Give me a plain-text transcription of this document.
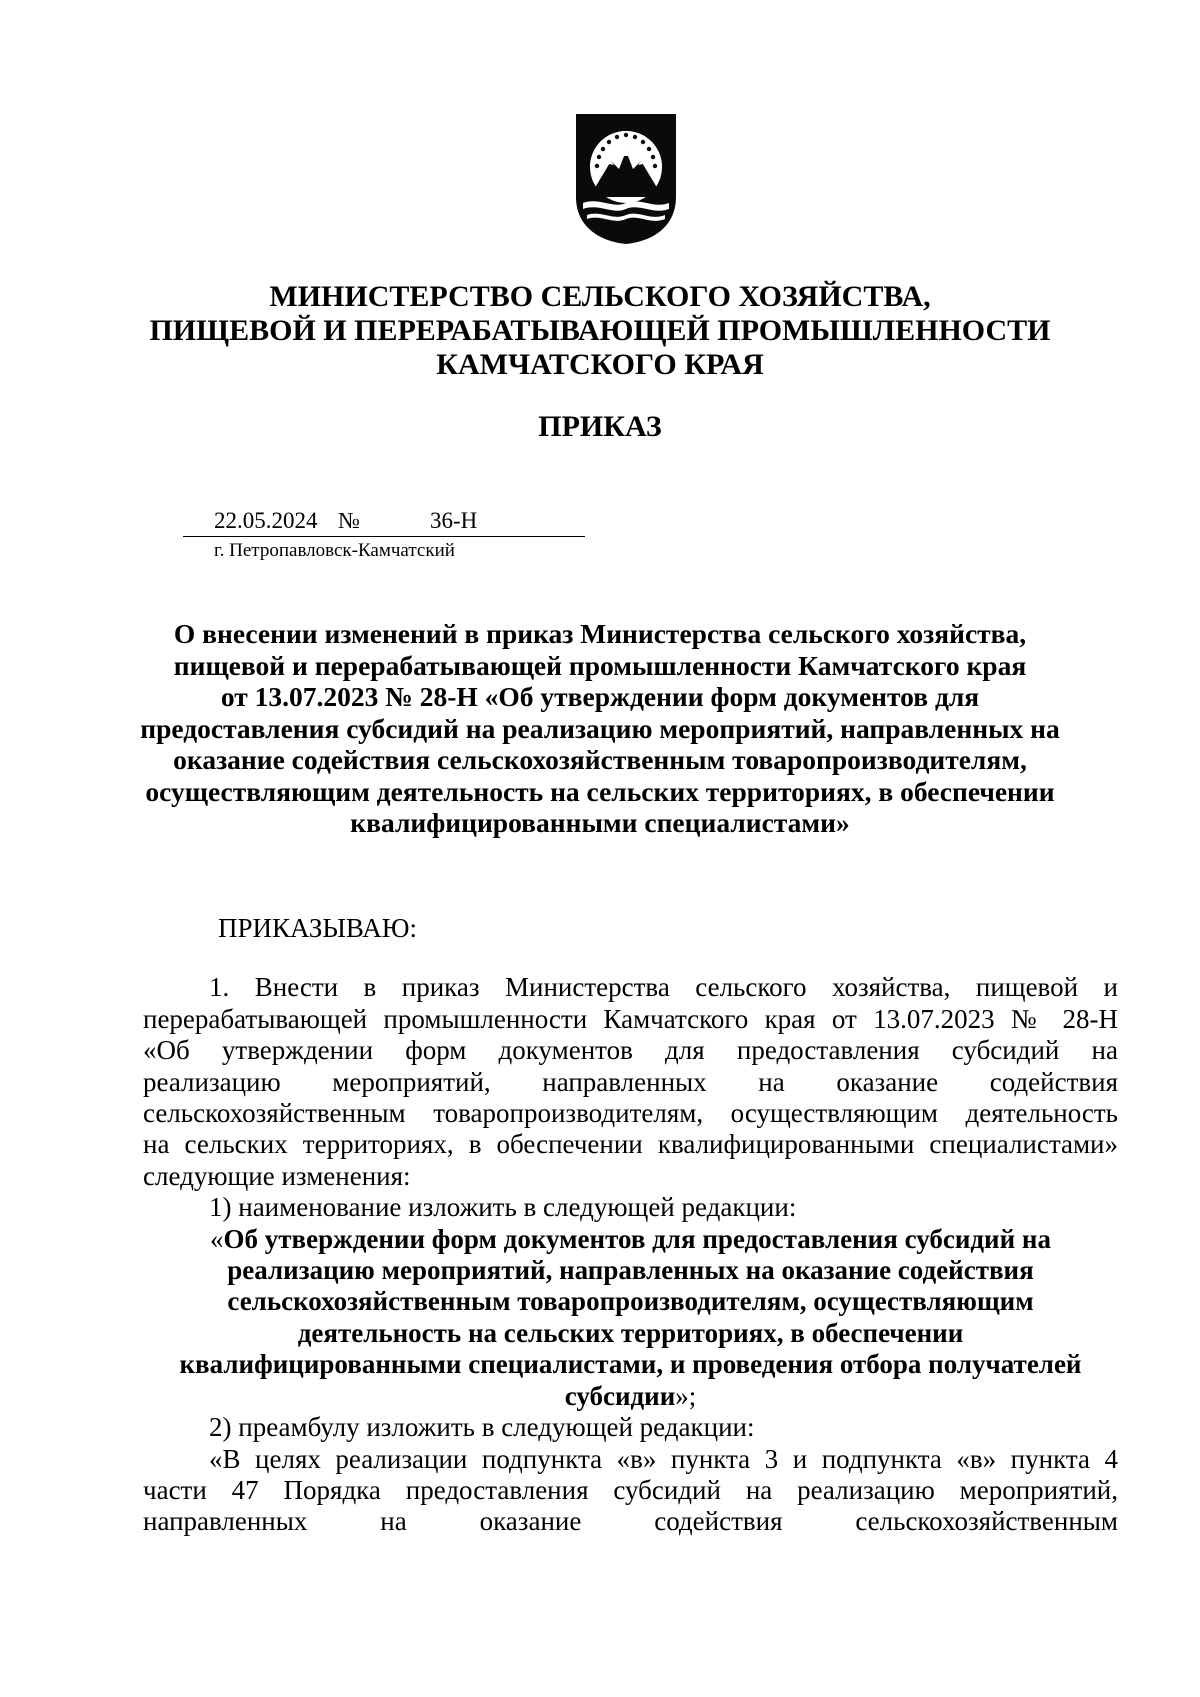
МИНИСТЕРСТВО СЕЛЬСКОГО ХОЗЯЙСТВА,
ПИЩЕВОЙ И ПЕРЕРАБАТЫВАЮЩЕЙ ПРОМЫШЛЕННОСТИ
КАМЧАТСКОГО КРАЯ
ПРИКАЗ
22.05.2024 №	36-Н
г. Петропавловск-Камчатский
О внесении изменений в приказ Министерства сельского хозяйства,
пищевой и перерабатывающей промышленности Камчатского края
от 13.07.2023 № 28-Н «Об утверждении форм документов для
предоставления субсидий на реализацию мероприятий, направленных на
оказание содействия сельскохозяйственным товаропроизводителям,
осуществляющим деятельность на сельских территориях, в обеспечении
квалифицированными специалистами»

ПРИКАЗЫВАЮ:

1. Внести в приказ Министерства сельского хозяйства, пищевой и

перерабатывающей промышленности Камчатского края от 13.07.2023 № 28-Н

«Об утверждении форм документов для предоставления субсидий на

реализацию мероприятий, направленных на оказание содействия

сельскохозяйственным товаропроизводителям, осуществляющим деятельность

на сельских территориях, в обеспечении квалифицированными специалистами»

следующие изменения:

1) наименование изложить в следующей редакции:

«Об утверждении форм документов для предоставления субсидий на
реализацию мероприятий, направленных на оказание содействия
сельскохозяйственным товаропроизводителям, осуществляющим
деятельность на сельских территориях, в обеспечении
квалифицированными специалистами, и проведения отбора получателей
субсидии»;

2) преамбулу изложить в следующей редакции:

«В целях реализации подпункта «в» пункта 3 и подпункта «в» пункта 4

части 47 Порядка предоставления субсидий на реализацию мероприятий,

направленных на оказание содействия сельскохозяйственным
